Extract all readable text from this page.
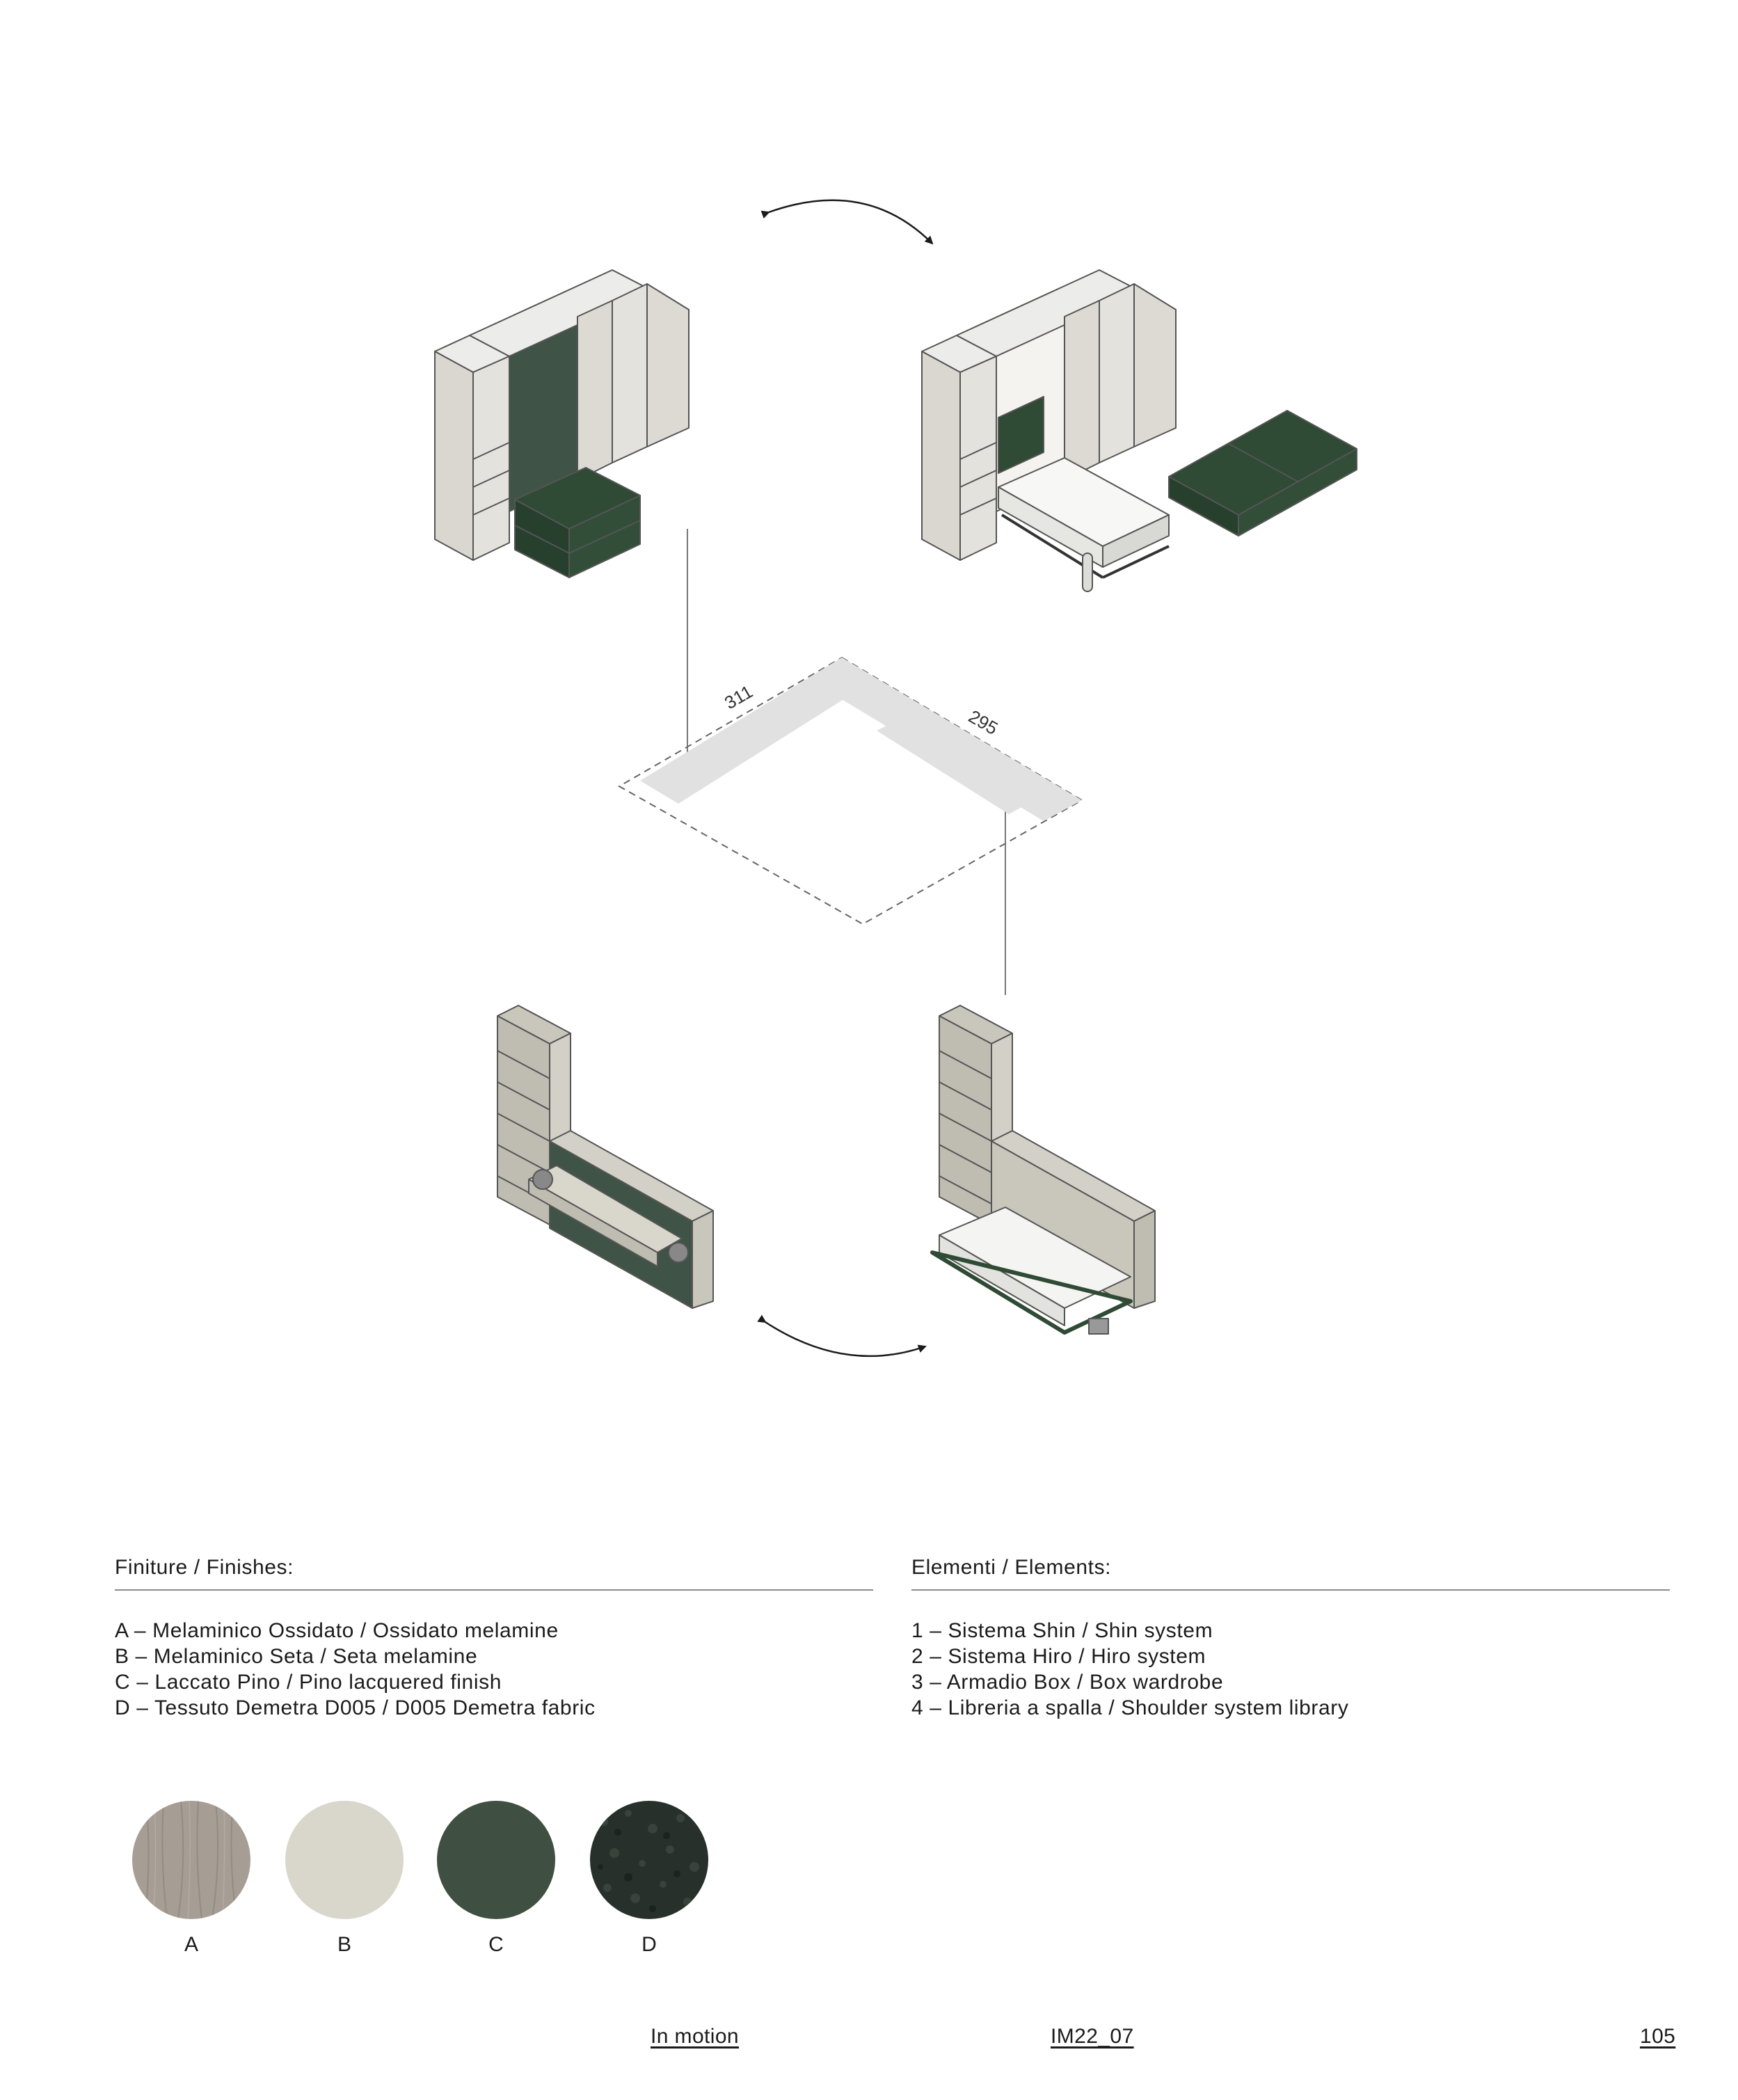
311
295
Finiture / Finishes:
A – Melaminico Ossidato / Ossidato melamine
B – Melaminico Seta / Seta melamine
C – Laccato Pino / Pino lacquered finish
D – Tessuto Demetra D005 / D005 Demetra fabric
Elementi / Elements:
1 – Sistema Shin / Shin system
2 – Sistema Hiro / Hiro system
3 – Armadio Box / Box wardrobe
4 – Libreria a spalla / Shoulder system library
A	B	C	D
In motion	IM22_07	105
